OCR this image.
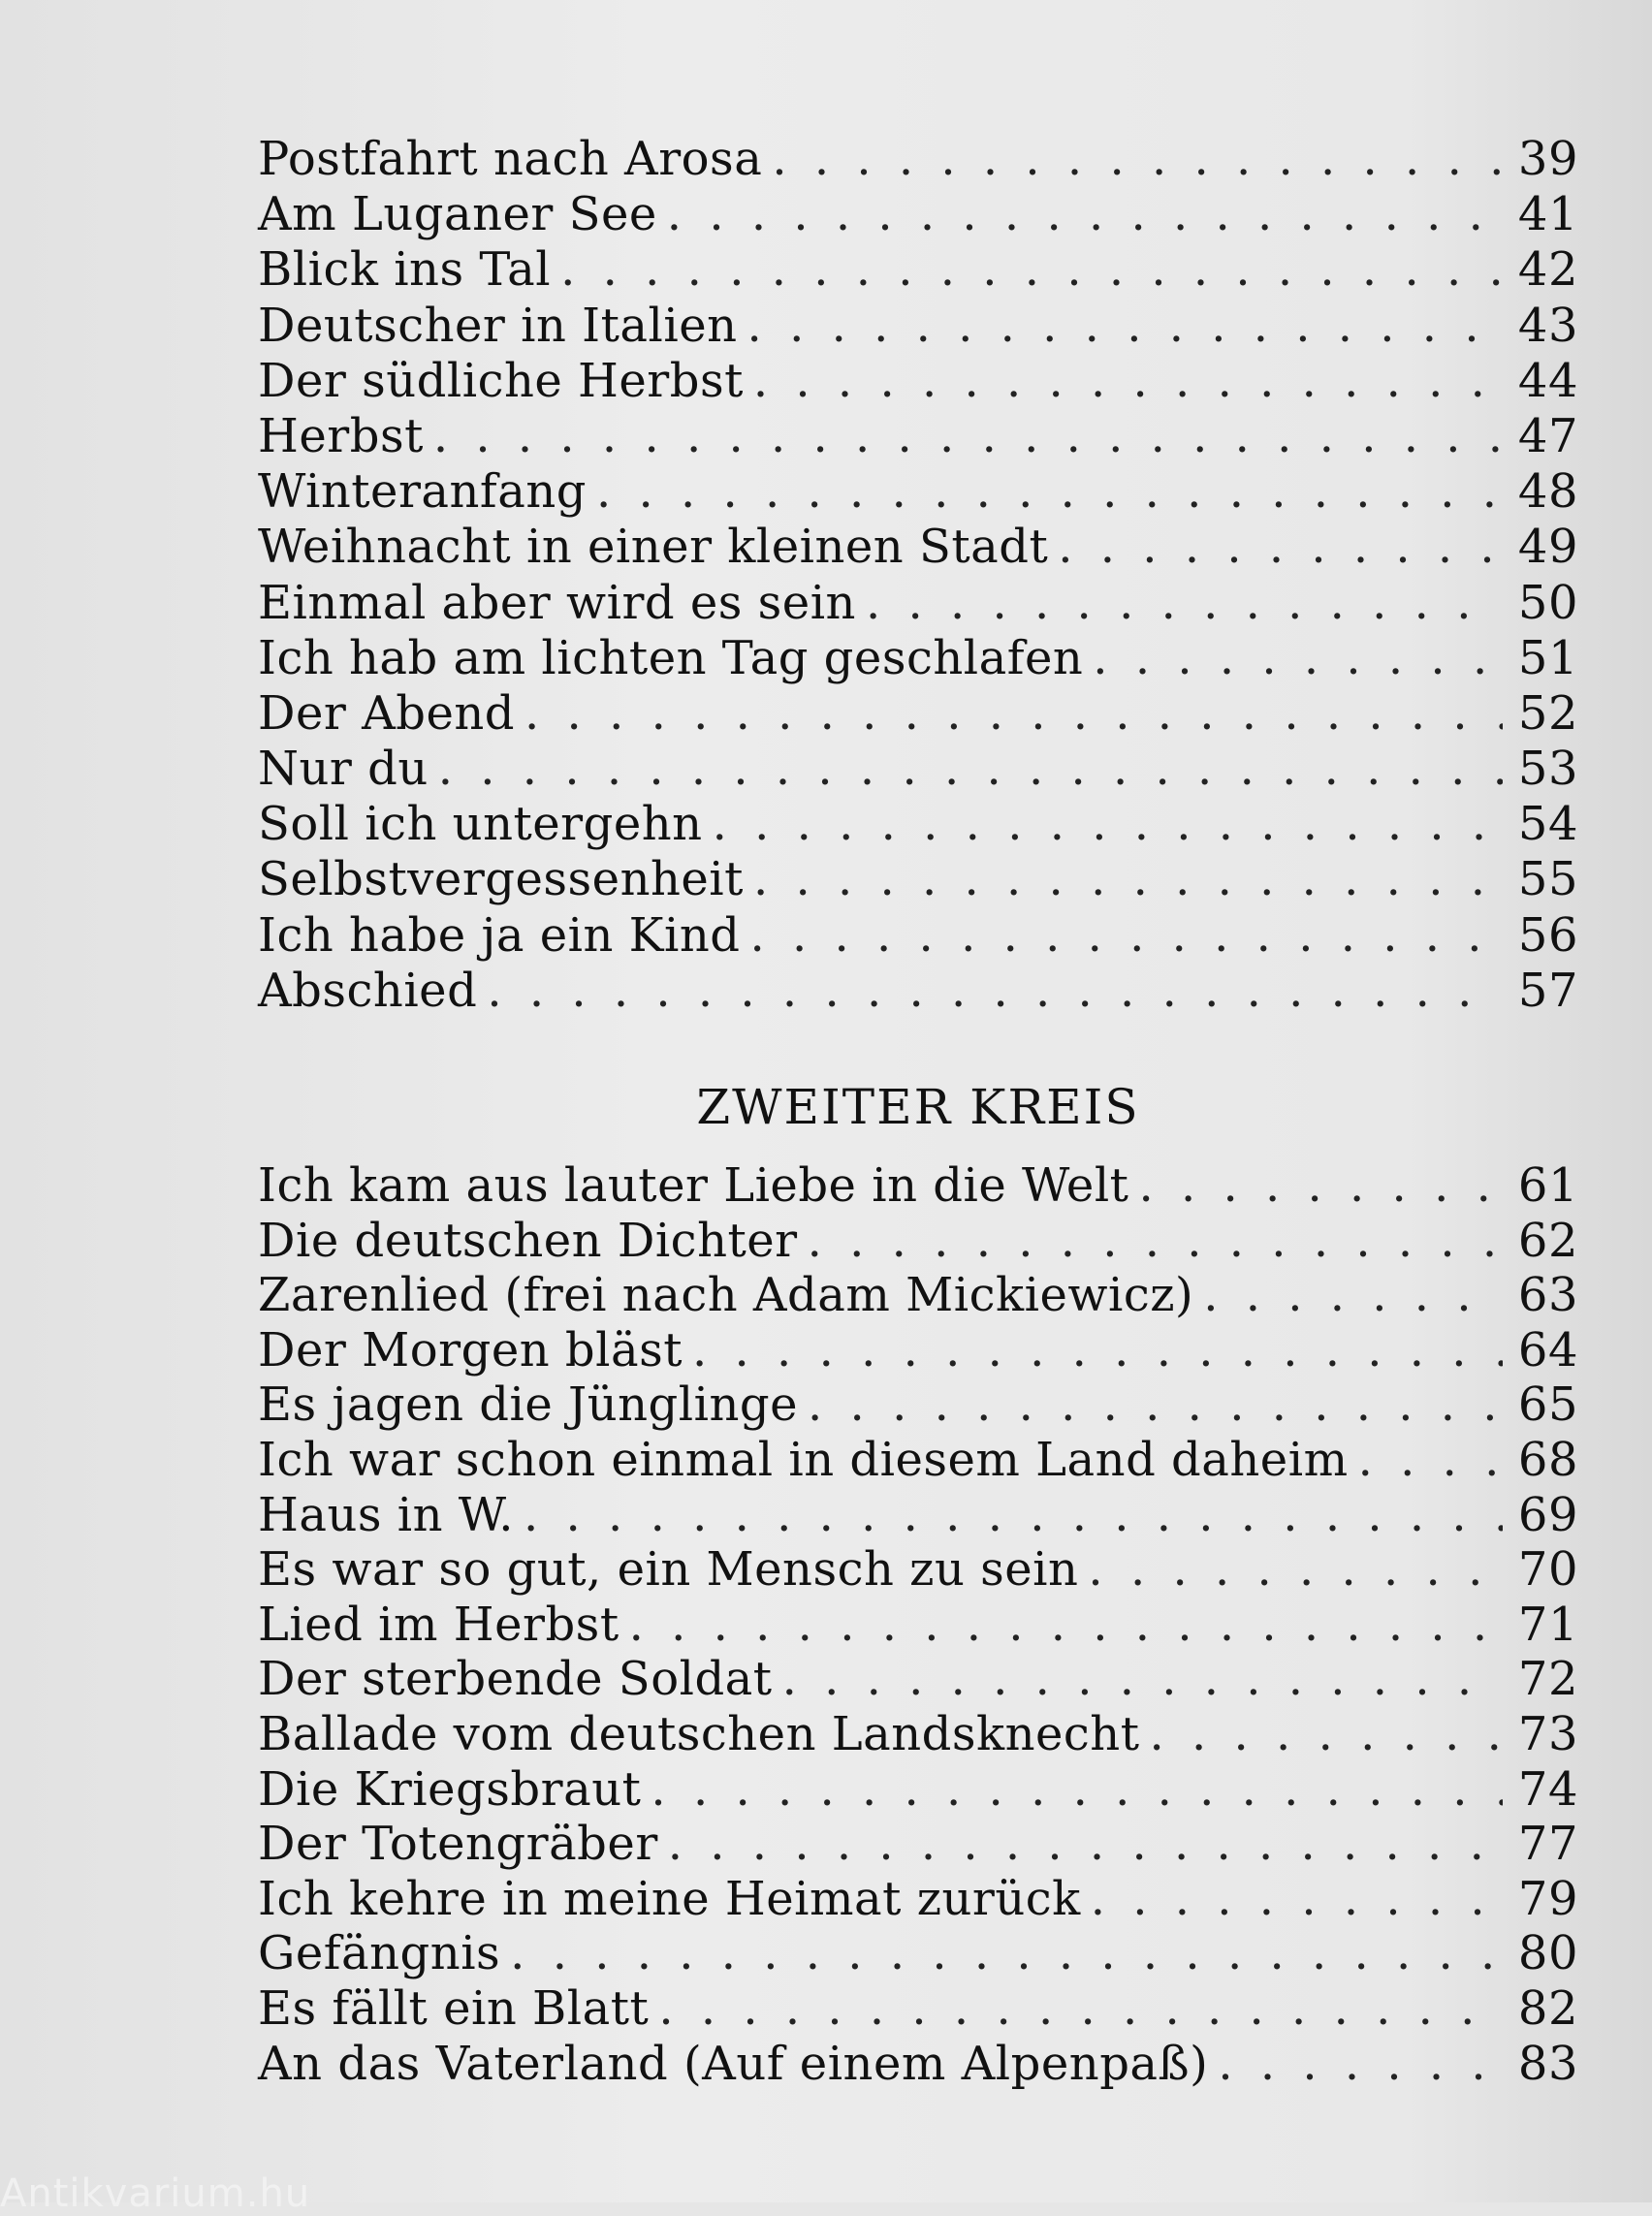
Postfahrt nach Arosa . . .	39
Am Luganer See . . .	41
Blick ins Tal . . .	42
Deutscher in Italien . . .	43
Der südliche Herbst . . .	44
Herbst . . .	47
Winteranfang . . .	48
Weihnacht in einer kleinen Stadt . . .	49
Einmal aber wird es sein . . .	50
Ich hab am lichten Tag geschlafen . . .	51
Der Abend . . .	52
Nur du . . .	53
Soll ich untergehn . . .	54
Selbstvergessenheit . . .	55
Ich habe ja ein Kind . . .	56
Abschied . . .	57
ZWEITER KREIS
Ich kam aus lauter Liebe in die Welt . . .	61
Die deutschen Dichter . . .	62
Zarenlied (frei nach Adam Mickiewicz) . . .	63
Der Morgen bläst . . .	64
Es jagen die Jünglinge . . .	65
Ich war schon einmal in diesem Land daheim . . .	68
Haus in W. . . .	69
Es war so gut, ein Mensch zu sein . . .	70
Lied im Herbst . . .	71
Der sterbende Soldat . . .	72
Ballade vom deutschen Landsknecht . . .	73
Die Kriegsbraut . . .	74
Der Totengräber . . .	77
Ich kehre in meine Heimat zurück . . .	79
Gefängnis . . .	80
Es fällt ein Blatt . . .	82
An das Vaterland (Auf einem Alpenpaß) . . .	83
Antikvarium.hu
